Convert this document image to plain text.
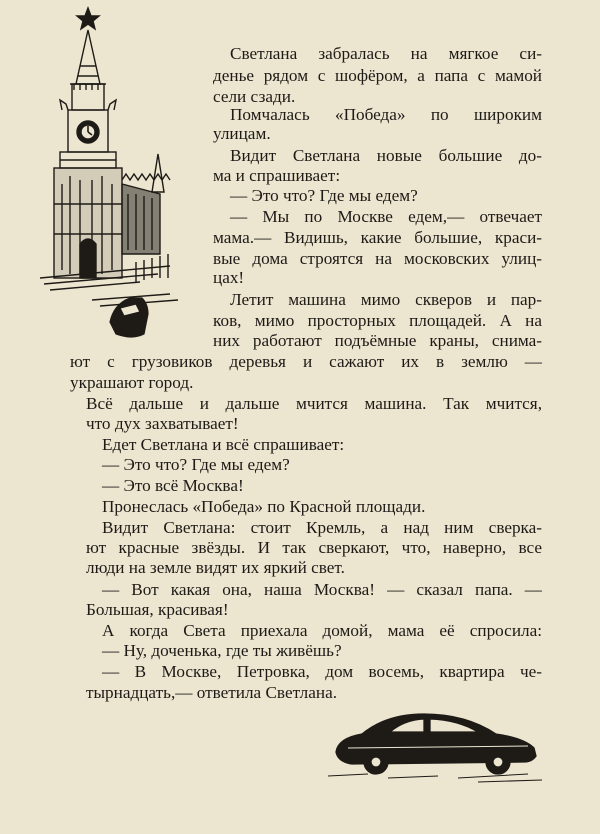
Светлана забралась на мягкое си-

денье рядом с шофёром, а папа с мамой

сели сзади.

Помчалась «Победа» по широким

улицам.

Видит Светлана новые большие до-

ма и спрашивает:

— Это что? Где мы едем?

— Мы по Москве едем,— отвечает

мама.— Видишь, какие большие, краси-

вые дома строятся на московских улиц-

цах!

Летит машина мимо скверов и пар-

ков, мимо просторных площадей. А на

них работают подъёмные краны, снима-

ют с грузовиков деревья и сажают их в землю —

украшают город.

Всё дальше и дальше мчится машина. Так мчится,

что дух захватывает!

Едет Светлана и всё спрашивает:

— Это что? Где мы едем?

— Это всё Москва!

Пронеслась «Победа» по Красной площади.

Видит Светлана: стоит Кремль, а над ним сверка-

ют красные звёзды. И так сверкают, что, наверно, все

люди на земле видят их яркий свет.

— Вот какая она, наша Москва! — сказал папа. —

Большая, красивая!

А когда Света приехала домой, мама её спросила:

— Ну, доченька, где ты живёшь?

— В Москве, Петровка, дом восемь, квартира че-

тырнадцать,— ответила Светлана.
